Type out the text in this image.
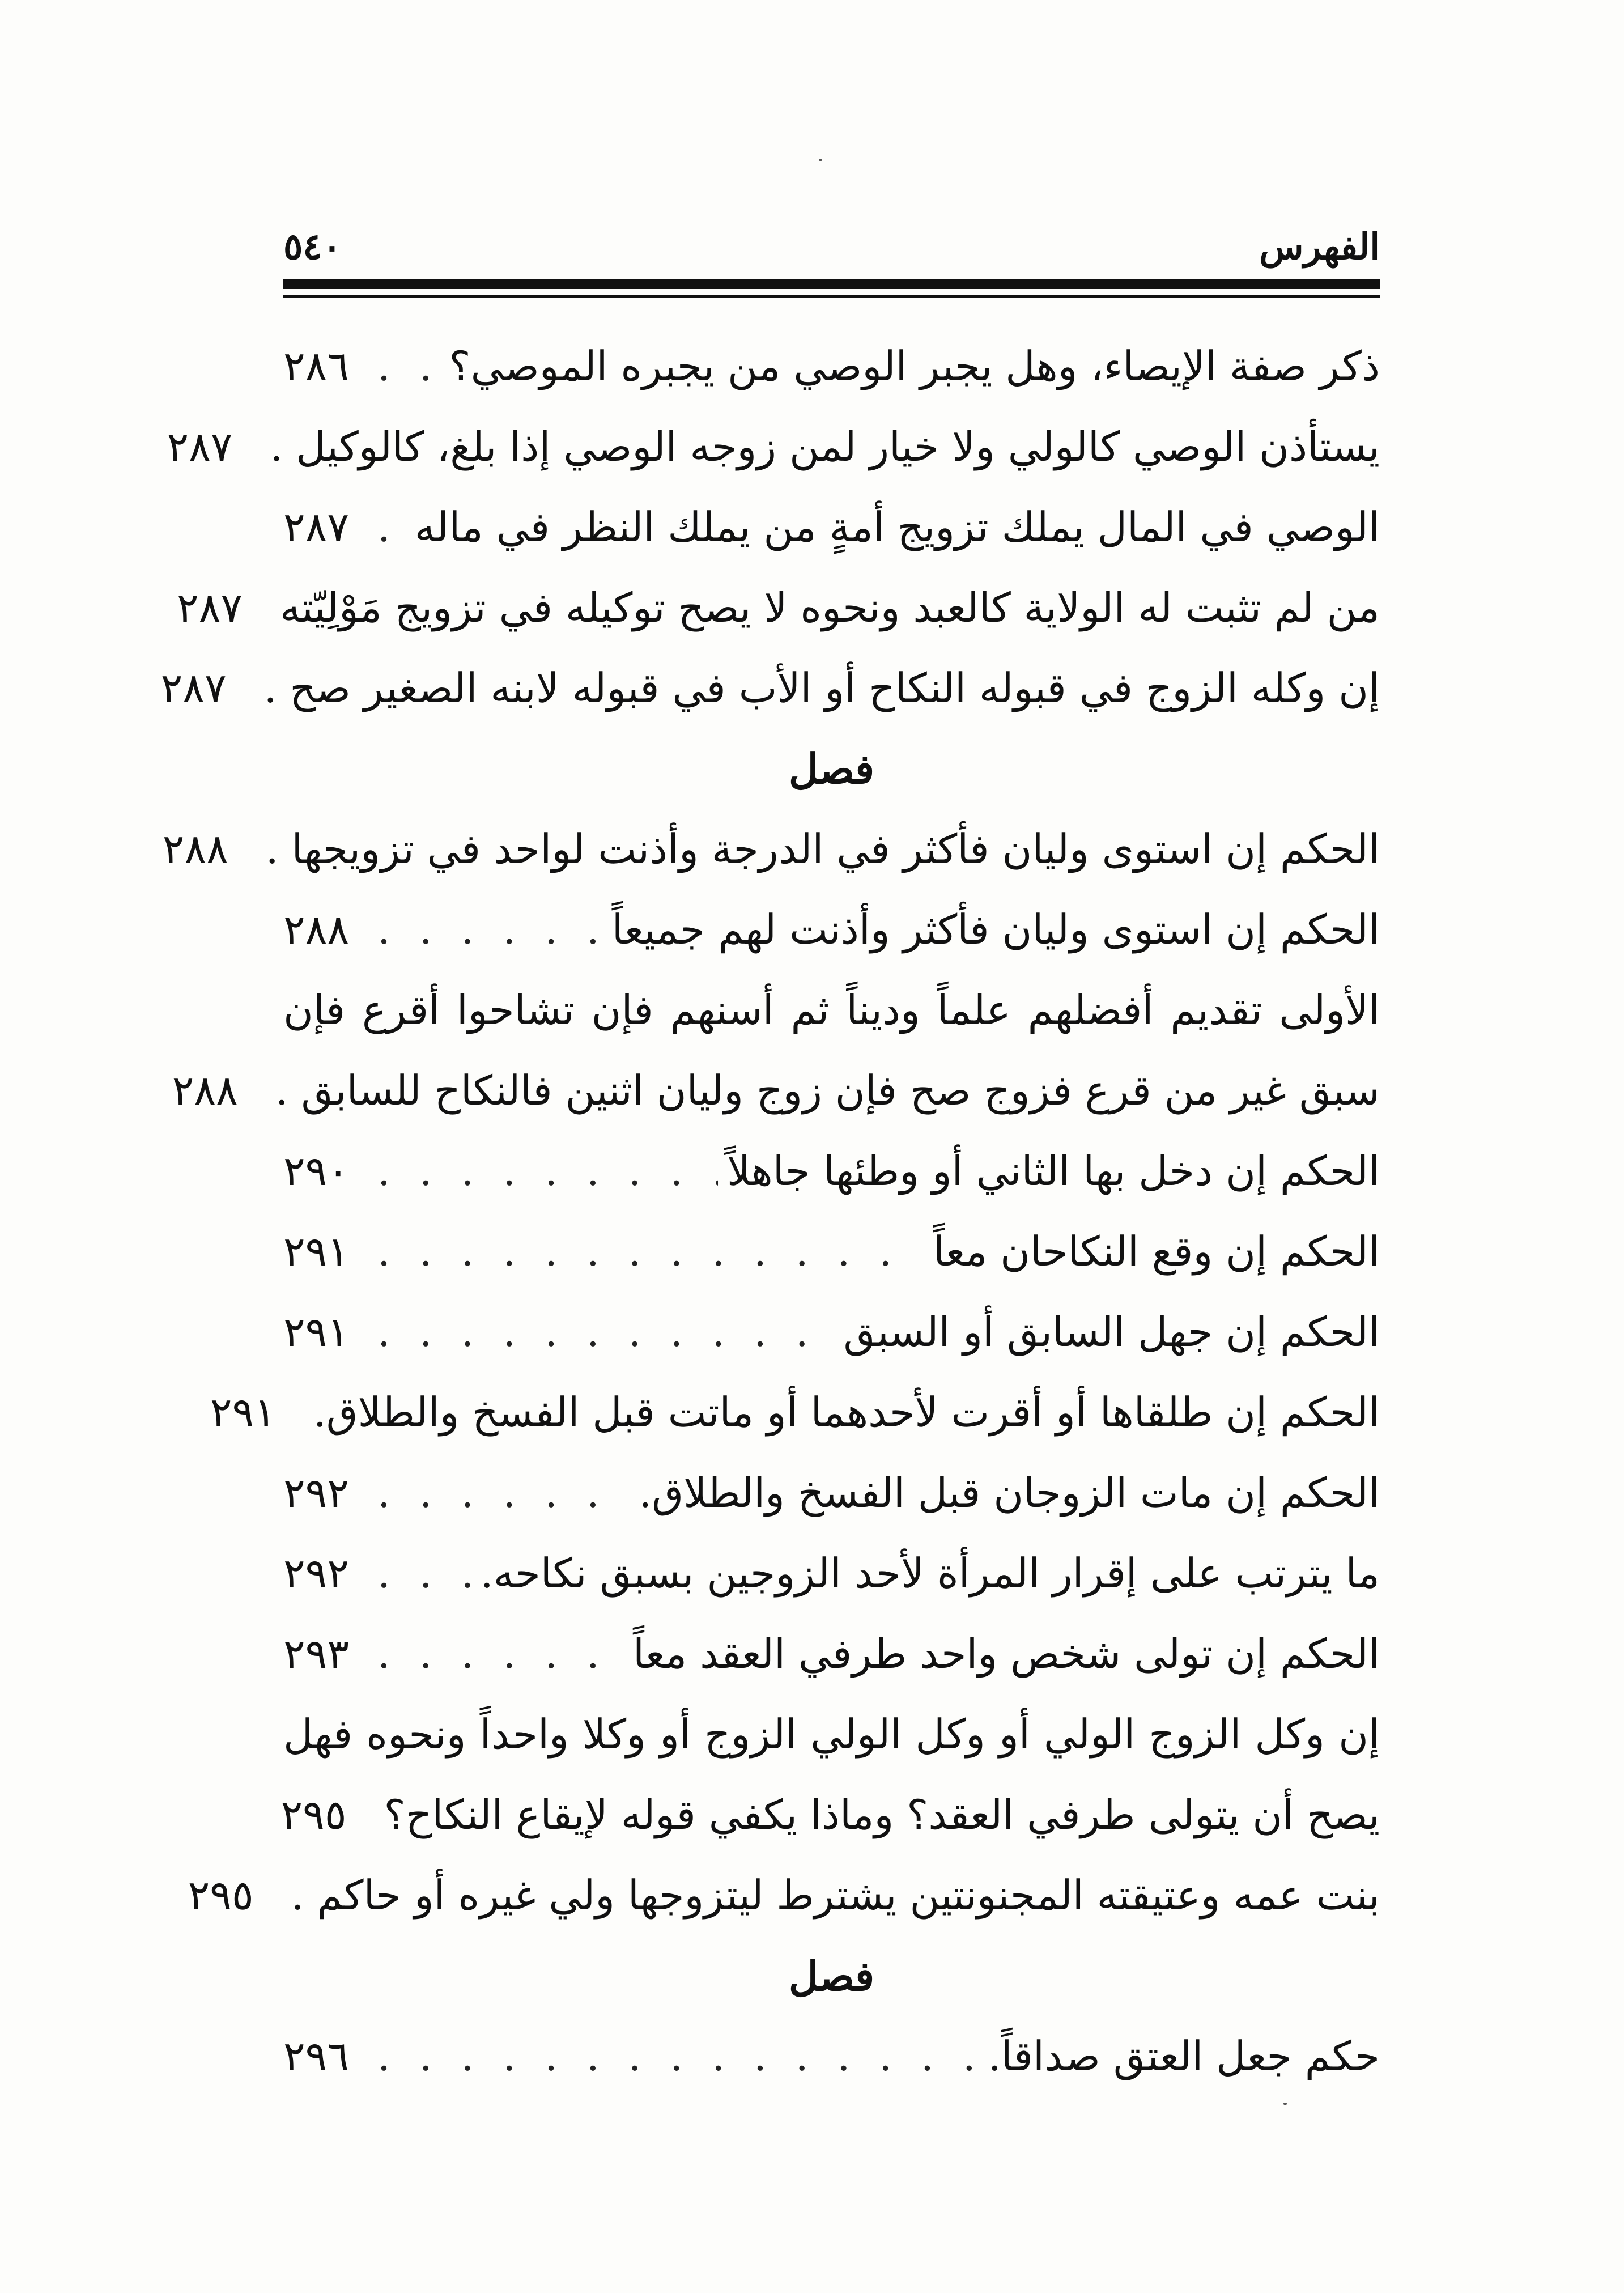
الفهرس
٥٤٠
ذكر صفة الإيصاء، وهل يجبر الوصي من يجبره الموصي؟
. . .
٢٨٦
يستأذن الوصي كالولي ولا خيار لمن زوجه الوصي إذا بلغ، كالوكيل .
٢٨٧
الوصي في المال يملك تزويج أمةٍ من يملك النظر في ماله
. . .
٢٨٧
من لم تثبت له الولاية كالعبد ونحوه لا يصح توكيله في تزويج مَوْلِيّته
٢٨٧
إن وكله الزوج في قبوله النكاح أو الأب في قبوله لابنه الصغير صح .
٢٨٧
فصل
الحكم إن استوى وليان فأكثر في الدرجة وأذنت لواحد في تزويجها .
٢٨٨
الحكم إن استوى وليان فأكثر وأذنت لهم جميعاً
. . .
٢٨٨
الأولى تقديم أفضلهم علماً وديناً ثم أسنهم فإن تشاحوا أقرع فإن
سبق غير من قرع فزوج صح فإن زوج وليان اثنين فالنكاح للسابق .
٢٨٨
الحكم إن دخل بها الثاني أو وطئها جاهلاً
. . .
٢٩٠
الحكم إن وقع النكاحان معاً
. . .
٢٩١
الحكم إن جهل السابق أو السبق
. . .
٢٩١
الحكم إن طلقاها أو أقرت لأحدهما أو ماتت قبل الفسخ والطلاق.
٢٩١
الحكم إن مات الزوجان قبل الفسخ والطلاق.
. . .
٢٩٢
ما يترتب على إقرار المرأة لأحد الزوجين بسبق نكاحه.
. . .
٢٩٢
الحكم إن تولى شخص واحد طرفي العقد معاً
. . .
٢٩٣
إن وكل الزوج الولي أو وكل الولي الزوج أو وكلا واحداً ونحوه فهل
يصح أن يتولى طرفي العقد؟ وماذا يكفي قوله لإيقاع النكاح؟
٢٩٥
بنت عمه وعتيقته المجنونتين يشترط ليتزوجها ولي غيره أو حاكم .
٢٩٥
فصل
حكم جعل العتق صداقاً.
. . .
٢٩٦
